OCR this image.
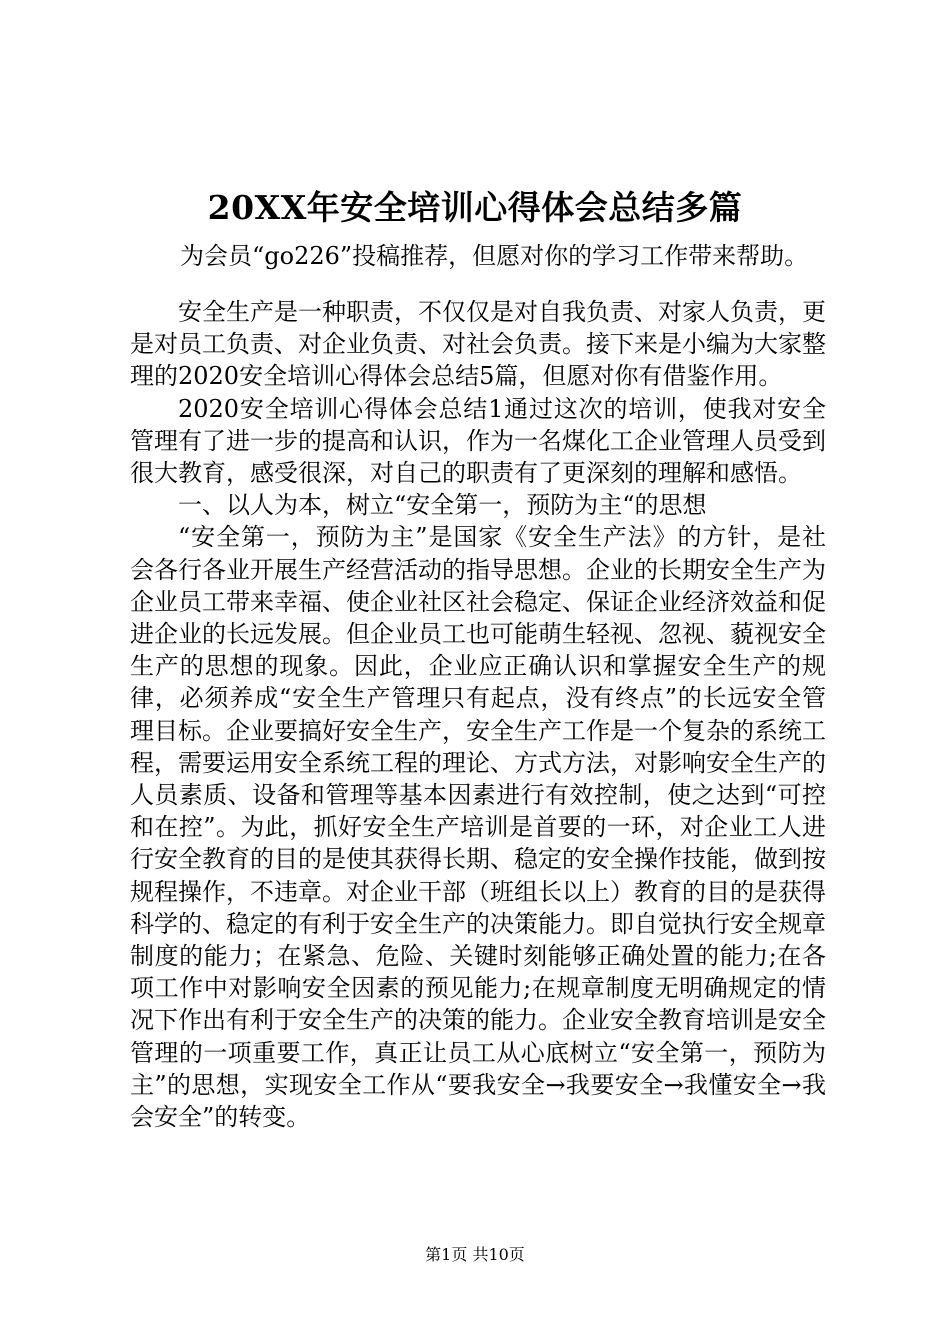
20XX年安全培训心得体会总结多篇
为会员“go226”投稿推荐，但愿对你的学习工作带来帮助。

安全生产是一种职责，不仅仅是对自我负责、对家人负责，更是对员工负责、对企业负责、对社会负责。接下来是小编为大家整理的2020安全培训心得体会总结5篇，但愿对你有借鉴作用。

2020安全培训心得体会总结1通过这次的培训，使我对安全管理有了进一步的提高和认识，作为一名煤化工企业管理人员受到很大教育，感受很深，对自己的职责有了更深刻的理解和感悟。

一、以人为本，树立“安全第一，预防为主“的思想

“安全第一，预防为主”是国家《安全生产法》的方针，是社会各行各业开展生产经营活动的指导思想。企业的长期安全生产为企业员工带来幸福、使企业社区社会稳定、保证企业经济效益和促进企业的长远发展。但企业员工也可能萌生轻视、忽视、藐视安全生产的思想的现象。因此，企业应正确认识和掌握安全生产的规律，必须养成“安全生产管理只有起点，没有终点”的长远安全管理目标。企业要搞好安全生产，安全生产工作是一个复杂的系统工程，需要运用安全系统工程的理论、方式方法，对影响安全生产的人员素质、设备和管理等基本因素进行有效控制，使之达到“可控和在控”。为此，抓好安全生产培训是首要的一环，对企业工人进行安全教育的目的是使其获得长期、稳定的安全操作技能，做到按规程操作，不违章。对企业干部（班组长以上）教育的目的是获得科学的、稳定的有利于安全生产的决策能力。即自觉执行安全规章制度的能力；在紧急、危险、关键时刻能够正确处置的能力;在各项工作中对影响安全因素的预见能力;在规章制度无明确规定的情况下作出有利于安全生产的决策的能力。企业安全教育培训是安全管理的一项重要工作，真正让员工从心底树立“安全第一，预防为主”的思想，实现安全工作从“要我安全→我要安全→我懂安全→我会安全”的转变。

第1页 共10页
